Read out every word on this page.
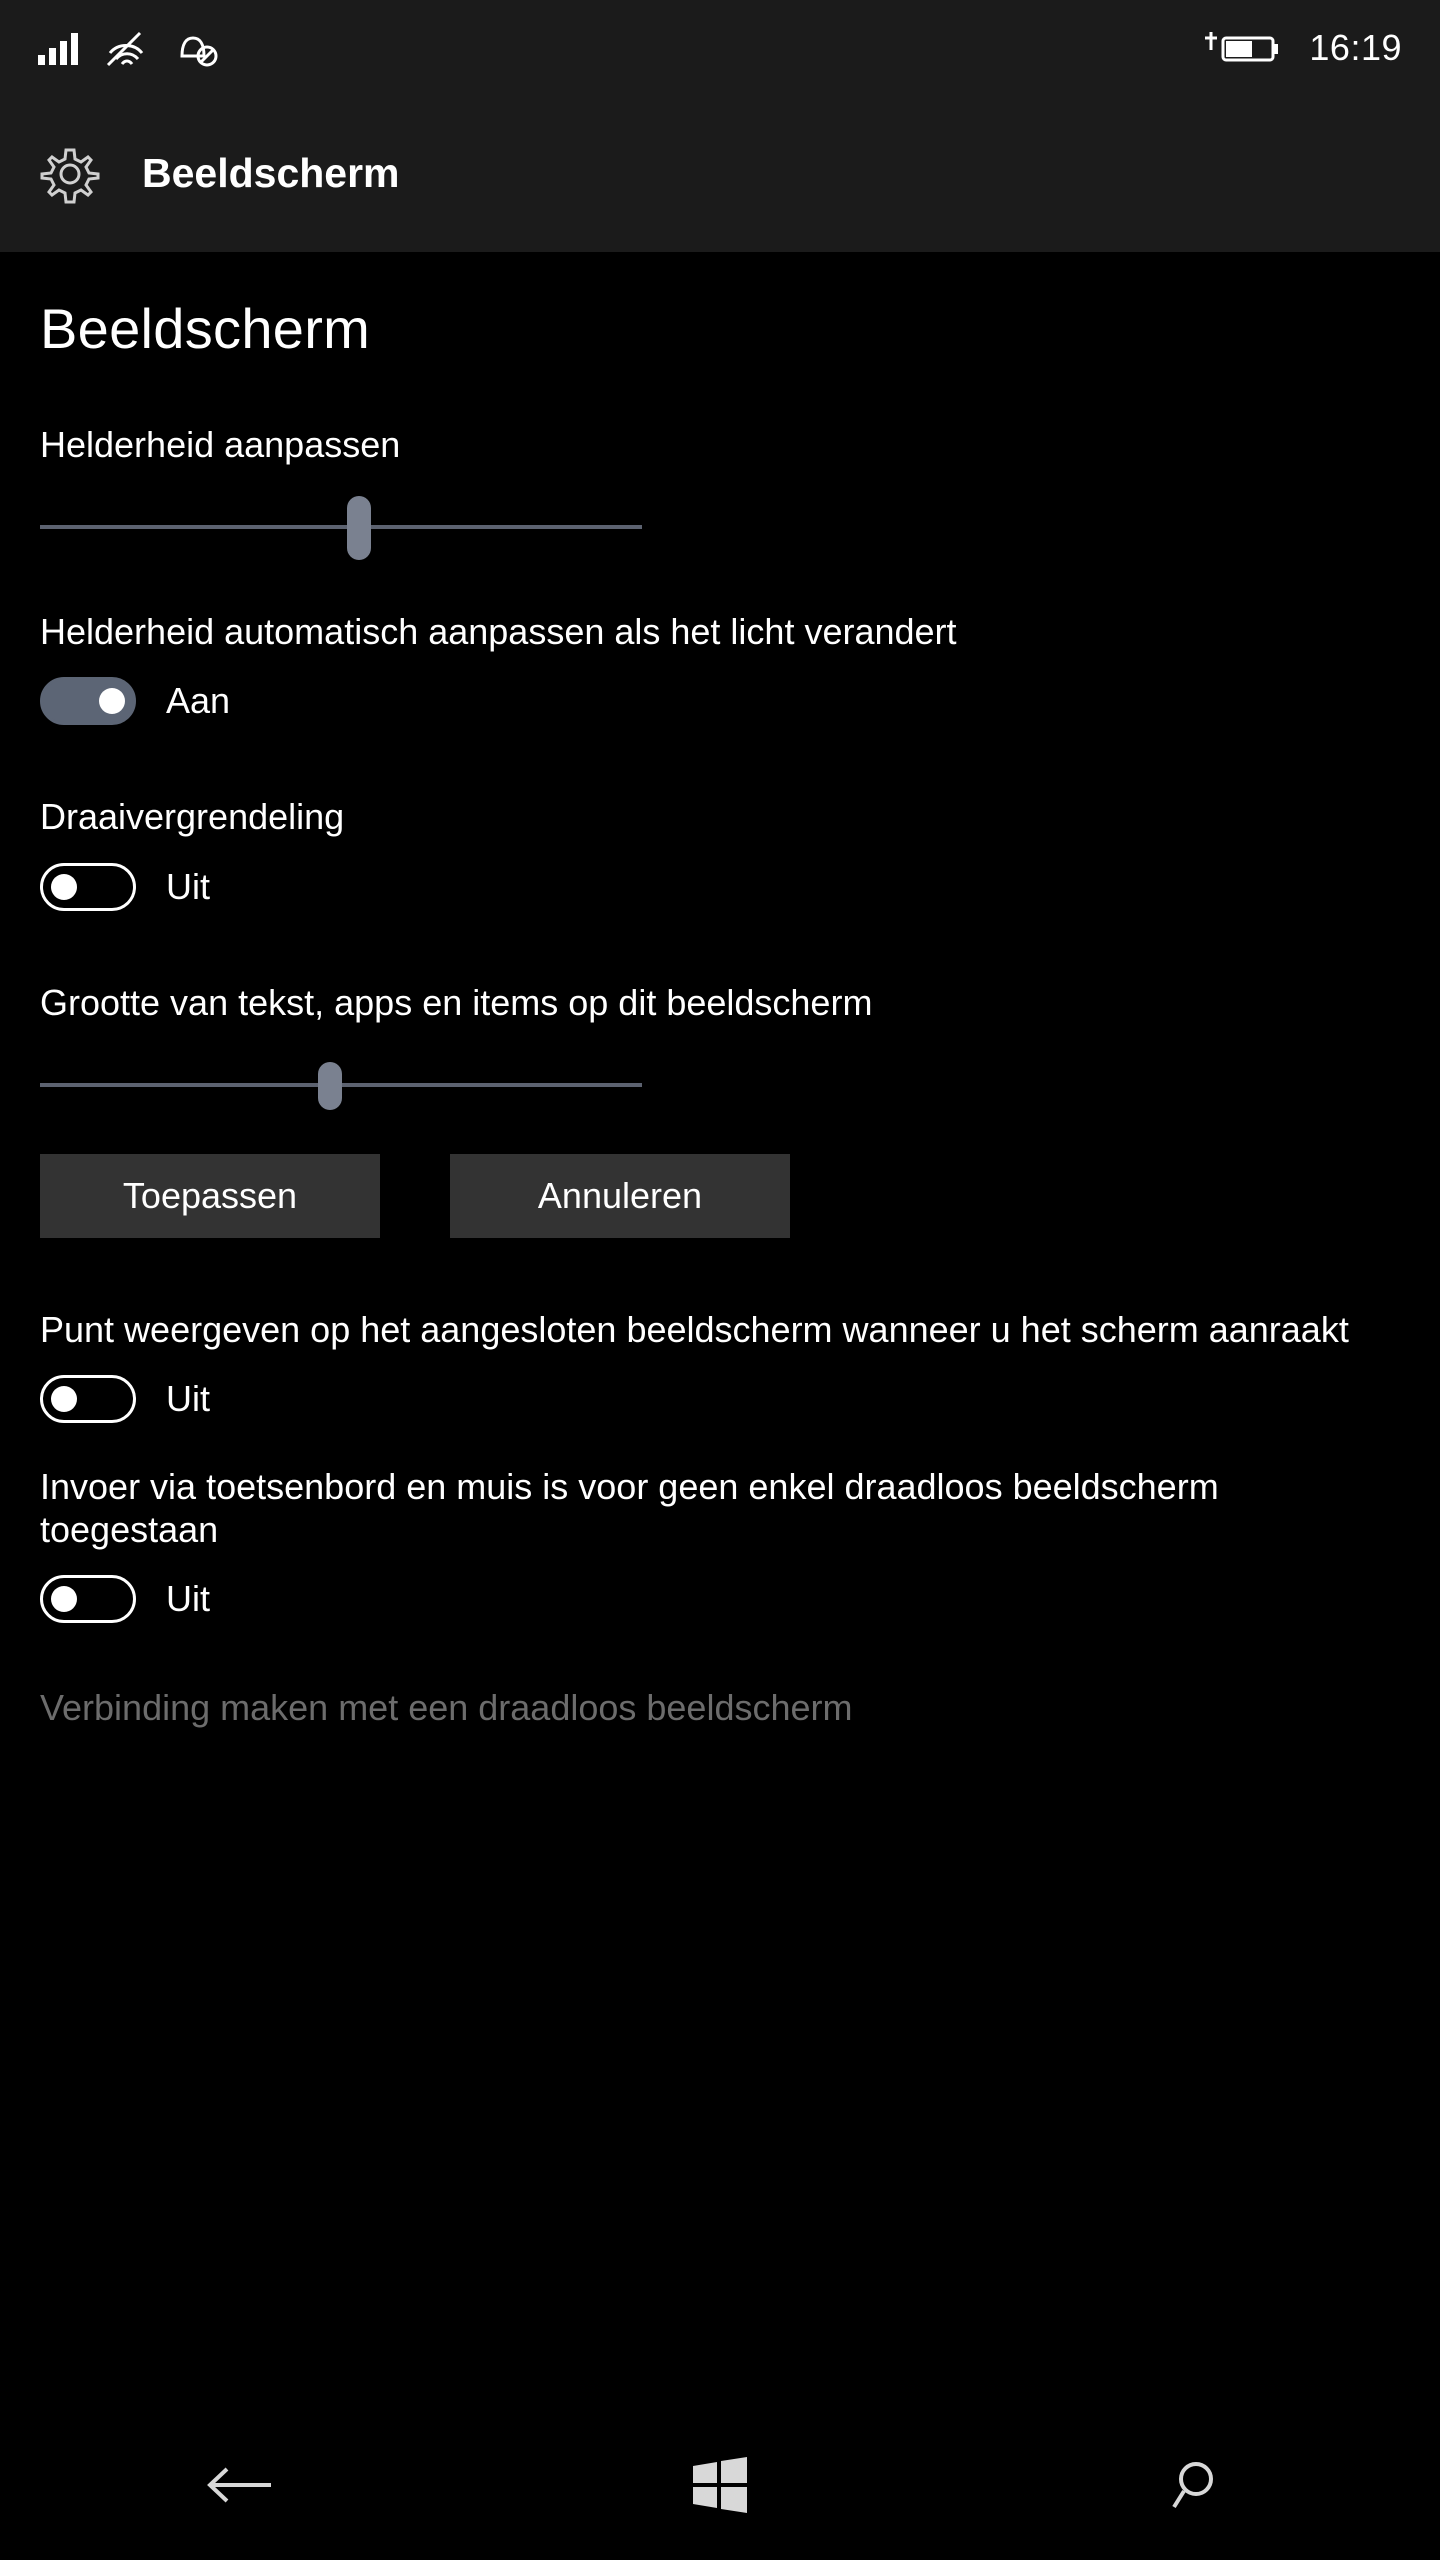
16:19
Beeldscherm
Beeldscherm
Helderheid aanpassen
Helderheid automatisch aanpassen als het licht verandert
Aan
Draaivergrendeling
Uit
Grootte van tekst, apps en items op dit beeldscherm
Toepassen	Annuleren
Punt weergeven op het aangesloten beeldscherm wanneer u het scherm aanraakt
Uit
Invoer via toetsenbord en muis is voor geen enkel draadloos beeldscherm toegestaan
Uit
Verbinding maken met een draadloos beeldscherm
